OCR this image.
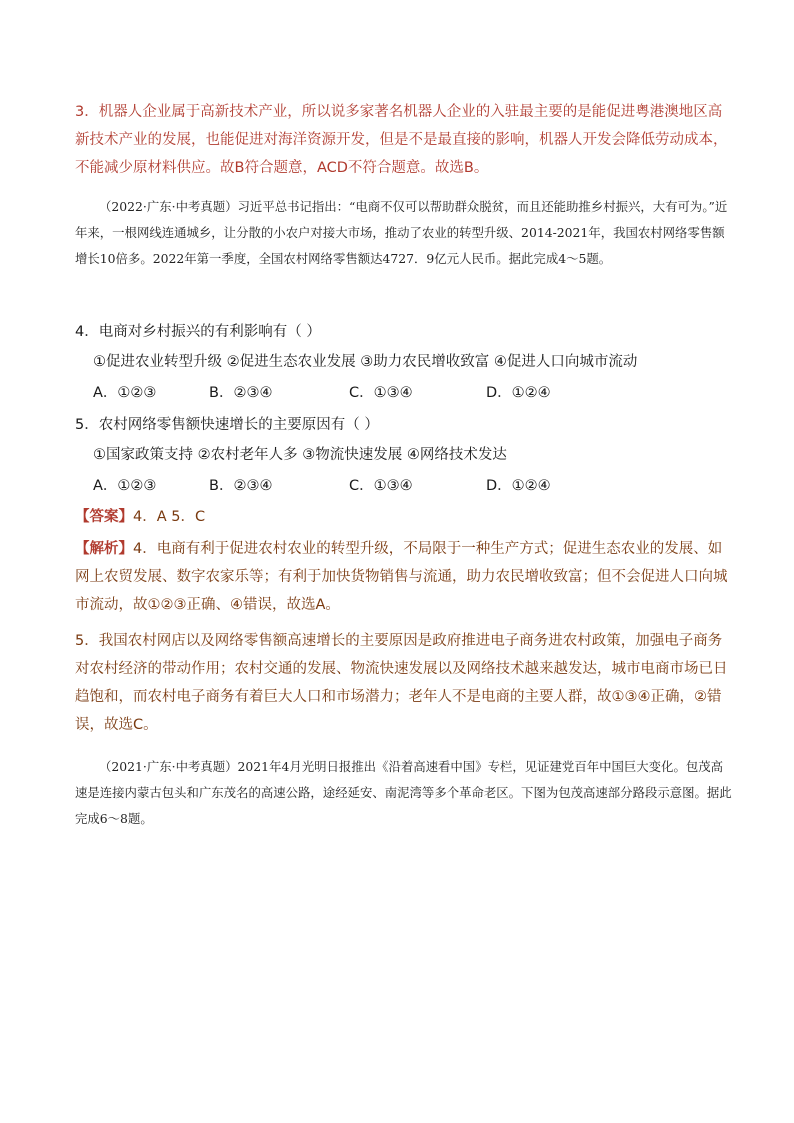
3．机器人企业属于高新技术产业，所以说多家著名机器人企业的入驻最主要的是能促进粤港澳地区高新技术产业的发展，也能促进对海洋资源开发，但是不是最直接的影响，机器人开发会降低劳动成本，不能减少原材料供应。故B符合题意，ACD不符合题意。故选B。

（2022·广东·中考真题）习近平总书记指出：“电商不仅可以帮助群众脱贫，而且还能助推乡村振兴，大有可为。”近年来，一根网线连通城乡，让分散的小农户对接大市场，推动了农业的转型升级、2014-2021年，我国农村网络零售额增长10倍多。2022年第一季度，全国农村网络零售额达4727．9亿元人民币。据此完成4～5题。

4．电商对乡村振兴的有利影响有（ ）
①促进农业转型升级 ②促进生态农业发展 ③助力农民增收致富 ④促进人口向城市流动
A．①②③	B．②③④	C．①③④	D．①②④
5．农村网络零售额快速增长的主要原因有（ ）
①国家政策支持 ②农村老年人多 ③物流快速发展 ④网络技术发达
A．①②③	B．②③④	C．①③④	D．①②④
【答案】4．A 5．C

【解析】4．电商有利于促进农村农业的转型升级，不局限于一种生产方式；促进生态农业的发展、如网上农贸发展、数字农家乐等；有利于加快货物销售与流通，助力农民增收致富；但不会促进人口向城市流动，故①②③正确、④错误，故选A。

5．我国农村网店以及网络零售额高速增长的主要原因是政府推进电子商务进农村政策，加强电子商务对农村经济的带动作用；农村交通的发展、物流快速发展以及网络技术越来越发达，城市电商市场已日趋饱和，而农村电子商务有着巨大人口和市场潜力；老年人不是电商的主要人群，故①③④正确，②错误，故选C。

（2021·广东·中考真题）2021年4月光明日报推出《沿着高速看中国》专栏，见证建党百年中国巨大变化。包茂高速是连接内蒙古包头和广东茂名的高速公路，途经延安、南泥湾等多个革命老区。下图为包茂高速部分路段示意图。据此完成6～8题。
